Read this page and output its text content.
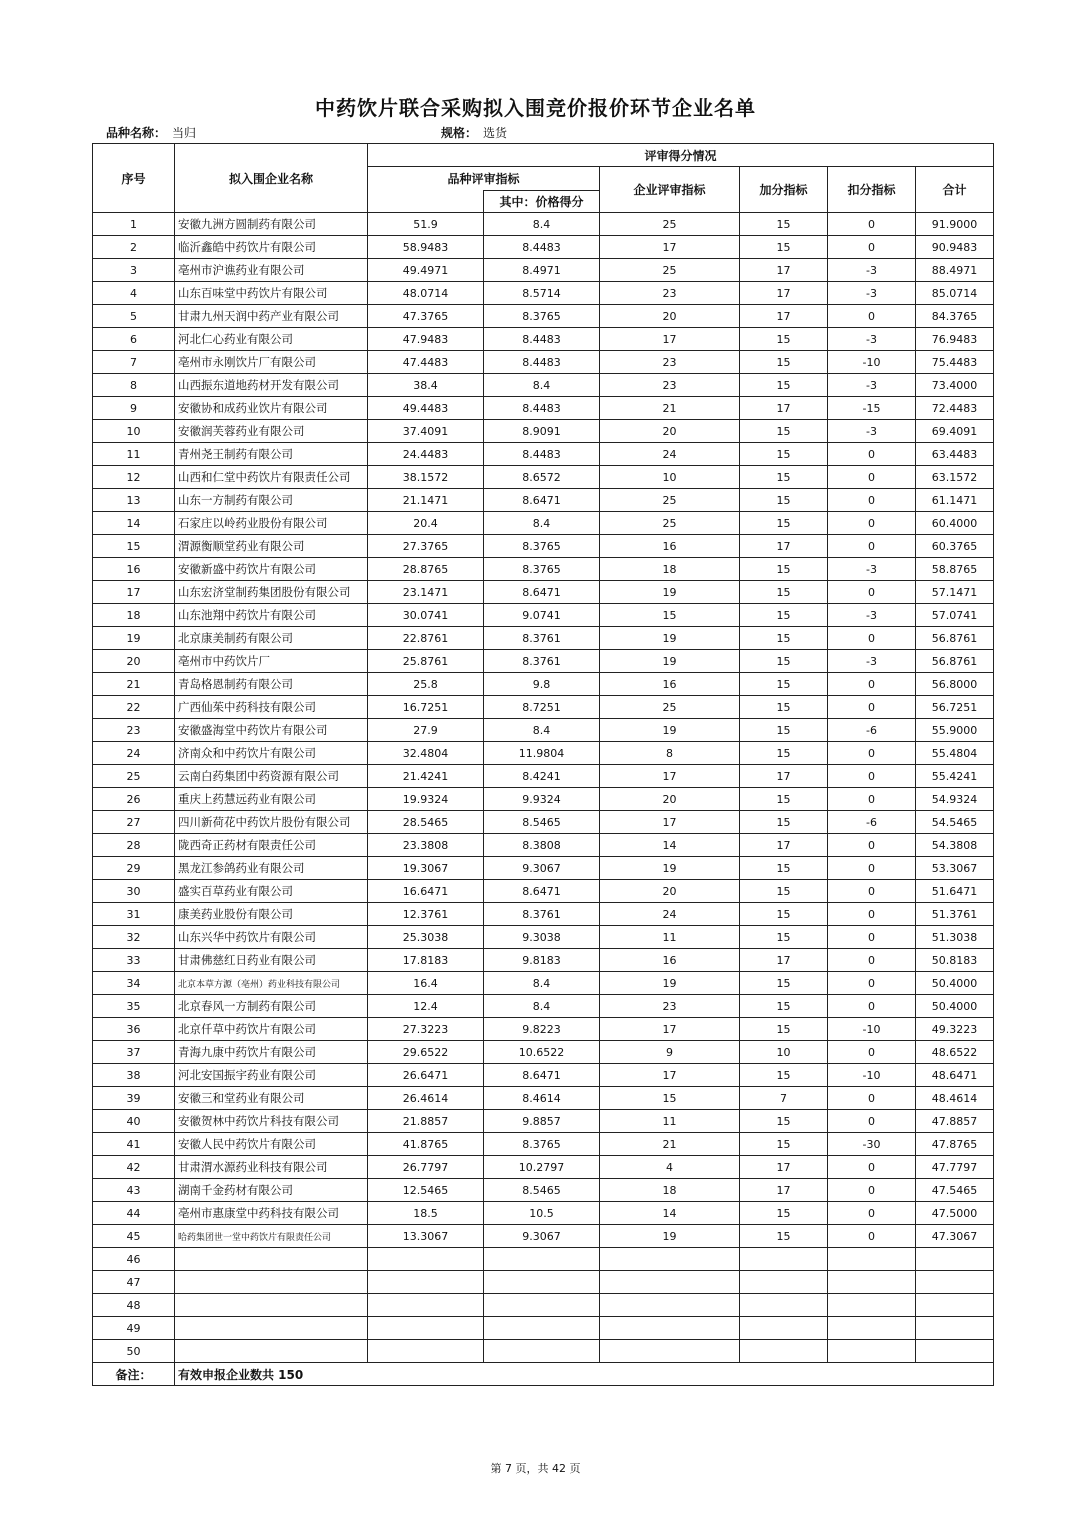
中药饮片联合采购拟入围竞价报价环节企业名单
品种名称： 当归	规格： 选货
序号	拟入围企业名称	评审得分情况					
		品种评审指标		企业评审指标	加分指标	扣分指标	合计
			其中：价格得分				
1	安徽九洲方圆制药有限公司	51.9	8.4	25	15	0	91.9000
2	临沂鑫皓中药饮片有限公司	58.9483	8.4483	17	15	0	90.9483
3	亳州市沪谯药业有限公司	49.4971	8.4971	25	17	-3	88.4971
4	山东百味堂中药饮片有限公司	48.0714	8.5714	23	17	-3	85.0714
5	甘肃九州天润中药产业有限公司	47.3765	8.3765	20	17	0	84.3765
6	河北仁心药业有限公司	47.9483	8.4483	17	15	-3	76.9483
7	亳州市永刚饮片厂有限公司	47.4483	8.4483	23	15	-10	75.4483
8	山西振东道地药材开发有限公司	38.4	8.4	23	15	-3	73.4000
9	安徽协和成药业饮片有限公司	49.4483	8.4483	21	17	-15	72.4483
10	安徽润芙蓉药业有限公司	37.4091	8.9091	20	15	-3	69.4091
11	青州尧王制药有限公司	24.4483	8.4483	24	15	0	63.4483
12	山西和仁堂中药饮片有限责任公司	38.1572	8.6572	10	15	0	63.1572
13	山东一方制药有限公司	21.1471	8.6471	25	15	0	61.1471
14	石家庄以岭药业股份有限公司	20.4	8.4	25	15	0	60.4000
15	渭源衡顺堂药业有限公司	27.3765	8.3765	16	17	0	60.3765
16	安徽新盛中药饮片有限公司	28.8765	8.3765	18	15	-3	58.8765
17	山东宏济堂制药集团股份有限公司	23.1471	8.6471	19	15	0	57.1471
18	山东池翔中药饮片有限公司	30.0741	9.0741	15	15	-3	57.0741
19	北京康美制药有限公司	22.8761	8.3761	19	15	0	56.8761
20	亳州市中药饮片厂	25.8761	8.3761	19	15	-3	56.8761
21	青岛格恩制药有限公司	25.8	9.8	16	15	0	56.8000
22	广西仙茱中药科技有限公司	16.7251	8.7251	25	15	0	56.7251
23	安徽盛海堂中药饮片有限公司	27.9	8.4	19	15	-6	55.9000
24	济南众和中药饮片有限公司	32.4804	11.9804	8	15	0	55.4804
25	云南白药集团中药资源有限公司	21.4241	8.4241	17	17	0	55.4241
26	重庆上药慧远药业有限公司	19.9324	9.9324	20	15	0	54.9324
27	四川新荷花中药饮片股份有限公司	28.5465	8.5465	17	15	-6	54.5465
28	陇西奇正药材有限责任公司	23.3808	8.3808	14	17	0	54.3808
29	黑龙江参鸽药业有限公司	19.3067	9.3067	19	15	0	53.3067
30	盛实百草药业有限公司	16.6471	8.6471	20	15	0	51.6471
31	康美药业股份有限公司	12.3761	8.3761	24	15	0	51.3761
32	山东兴华中药饮片有限公司	25.3038	9.3038	11	15	0	51.3038
33	甘肃佛慈红日药业有限公司	17.8183	9.8183	16	17	0	50.8183
34	北京本草方源（亳州）药业科技有限公司	16.4	8.4	19	15	0	50.4000
35	北京春风一方制药有限公司	12.4	8.4	23	15	0	50.4000
36	北京仟草中药饮片有限公司	27.3223	9.8223	17	15	-10	49.3223
37	青海九康中药饮片有限公司	29.6522	10.6522	9	10	0	48.6522
38	河北安国振宇药业有限公司	26.6471	8.6471	17	15	-10	48.6471
39	安徽三和堂药业有限公司	26.4614	8.4614	15	7	0	48.4614
40	安徽贺林中药饮片科技有限公司	21.8857	9.8857	11	15	0	47.8857
41	安徽人民中药饮片有限公司	41.8765	8.3765	21	15	-30	47.8765
42	甘肃渭水源药业科技有限公司	26.7797	10.2797	4	17	0	47.7797
43	湖南千金药材有限公司	12.5465	8.5465	18	17	0	47.5465
44	亳州市惠康堂中药科技有限公司	18.5	10.5	14	15	0	47.5000
45	哈药集团世一堂中药饮片有限责任公司	13.3067	9.3067	19	15	0	47.3067
46							
47							
48							
49							
50							
备注：	有效申报企业数共 150						
第 7 页，共 42 页
